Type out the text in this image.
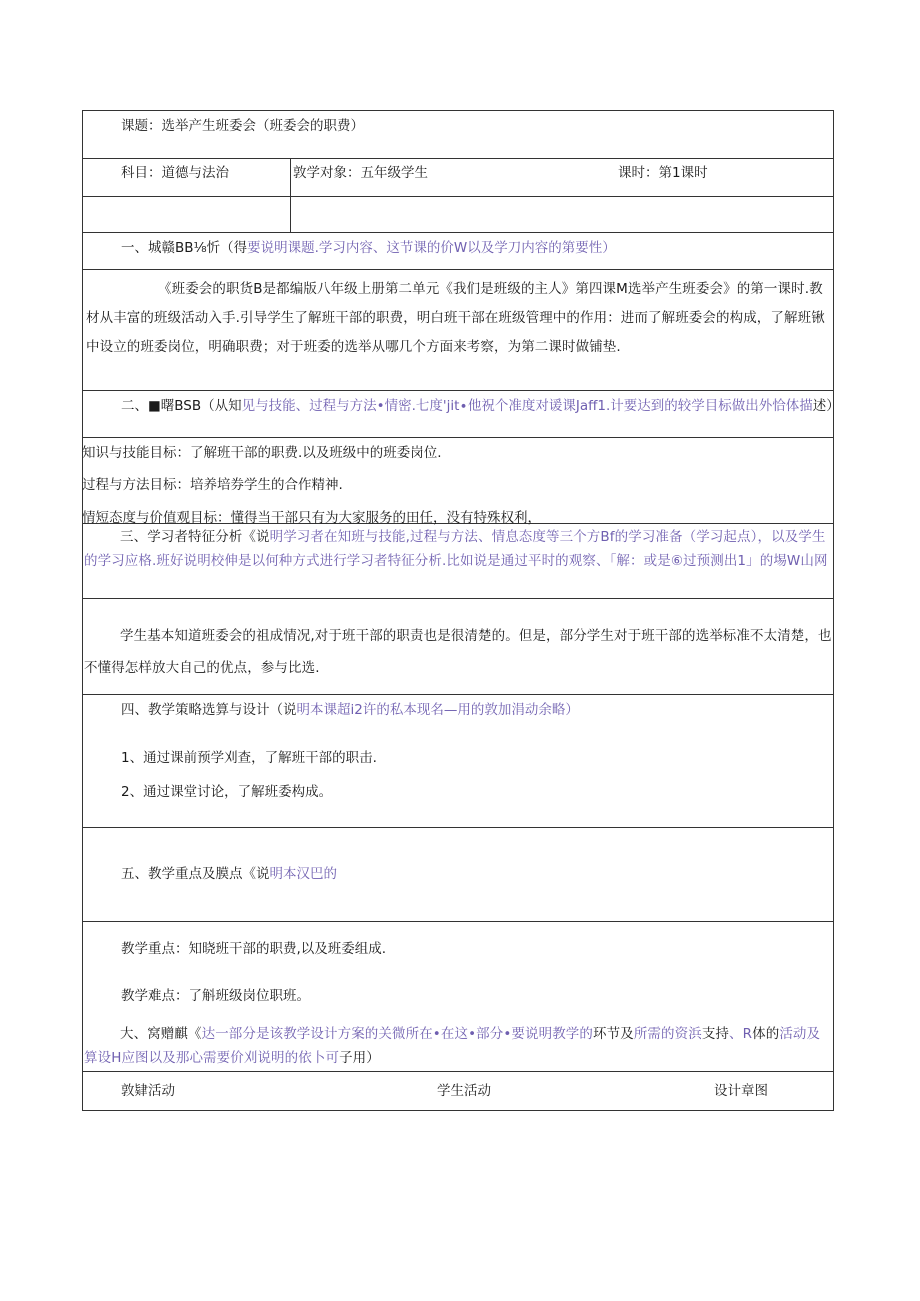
课题：选举产生班委会（班委会的职费）
科目：道德与法治	敦学对象：五年级学生	课时：第1课时
一、城赣BB⅛忻（得要说明课题.学习内容、这节课的价W以及学刀内容的第要性）
《班委会的职货B是都编版八年级上册第二单元《我们是班级的主人》第四课M选举产生班委会》的第一课时.教材从丰富的班级活动入手.引导学生了解班干部的职费，明白班干部在班级管理中的作用：进而了解班委会的构成，了解班锹中设立的班委岗位，明确职费；对于班委的选举从哪几个方面来考察，为第二课时做铺垫.
二、■曙BSB（从知见与技能、过程与方法•情密.七度'jit∙他祝个准度对谖课Jaff1.计要达到的较学目标做出外恰体描述）
知识与技能目标：了解班干部的职费.以及班级中的班委岗位.
过程与方法目标：培养培券学生的合作精神.
情短态度与价值观目标：懂得当干部只有为大家服务的田任，没有特殊权利，
三、学习者特征分析《说明学习者在知班与技能,过程与方法、情息态度等三个方Bf的学习准备（学习起点），以及学生的学习应格.班好说明校伸是以何种方式进行学习者特征分析.比如说是通过平时的观察、「解：或是⑥过预测出1」的埸W山网
学生基本知道班委会的祖成情况,对于班干部的职责也是很清楚的。但是，部分学生对于班干部的选举标准不太清楚，也不懂得怎样放大自己的优点，参与比选.
四、教学策略选算与设计（说明本课超i2许的私本现名—用的敦加涓动余略）
1、通过课前预学刈查，了解班干部的职击.
2、通过课堂讨论，了解班委构成。
五、教学重点及膜点《说明本汉巴的
教学重点：知晓班干部的职费,以及班委组成.
教学难点：了斛班级岗位职班。
大、窝赠麒《达一部分是该教学设计方案的关微所在•在这•部分•要说明教学的环节及所需的资浜支持、R体的活动及算设H应图以及那心需要价刈说明的依卜可子用）
敦肄活动	学生活动	设计章图
